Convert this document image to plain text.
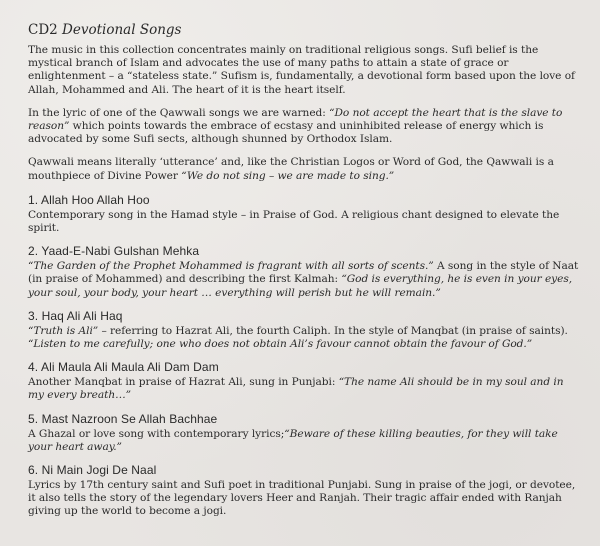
CD2 Devotional Songs

The music in this collection concentrates mainly on traditional religious songs. Sufi belief is the mystical branch of Islam and advocates the use of many paths to attain a state of grace or enlightenment – a “stateless state.” Sufism is, fundamentally, a devotional form based upon the love of Allah, Mohammed and Ali. The heart of it is the heart itself.

In the lyric of one of the Qawwali songs we are warned: “Do not accept the heart that is the slave to reason” which points towards the embrace of ecstasy and uninhibited release of energy which is advocated by some Sufi sects, although shunned by Orthodox Islam.

Qawwali means literally ‘utterance’ and, like the Christian Logos or Word of God, the Qawwali is a mouthpiece of Divine Power “We do not sing – we are made to sing.”

1. Allah Hoo Allah Hoo
Contemporary song in the Hamad style – in Praise of God. A religious chant designed to elevate the spirit.
2. Yaad-E-Nabi Gulshan Mehka
“The Garden of the Prophet Mohammed is fragrant with all sorts of scents.” A song in the style of Naat (in praise of Mohammed) and describing the first Kalmah: “God is everything, he is even in your eyes, your soul, your body, your heart … everything will perish but he will remain.”
3. Haq Ali Ali Haq
“Truth is Ali” – referring to Hazrat Ali, the fourth Caliph. In the style of Manqbat (in praise of saints). “Listen to me carefully; one who does not obtain Ali’s favour cannot obtain the favour of God.”
4. Ali Maula Ali Maula Ali Dam Dam
Another Manqbat in praise of Hazrat Ali, sung in Punjabi: “The name Ali should be in my soul and in my every breath…”
5. Mast Nazroon Se Allah Bachhae
A Ghazal or love song with contemporary lyrics;“Beware of these killing beauties, for they will take your heart away.”
6. Ni Main Jogi De Naal
Lyrics by 17th century saint and Sufi poet in traditional Punjabi. Sung in praise of the jogi, or devotee, it also tells the story of the legendary lovers Heer and Ranjah. Their tragic affair ended with Ranjah giving up the world to become a jogi.
